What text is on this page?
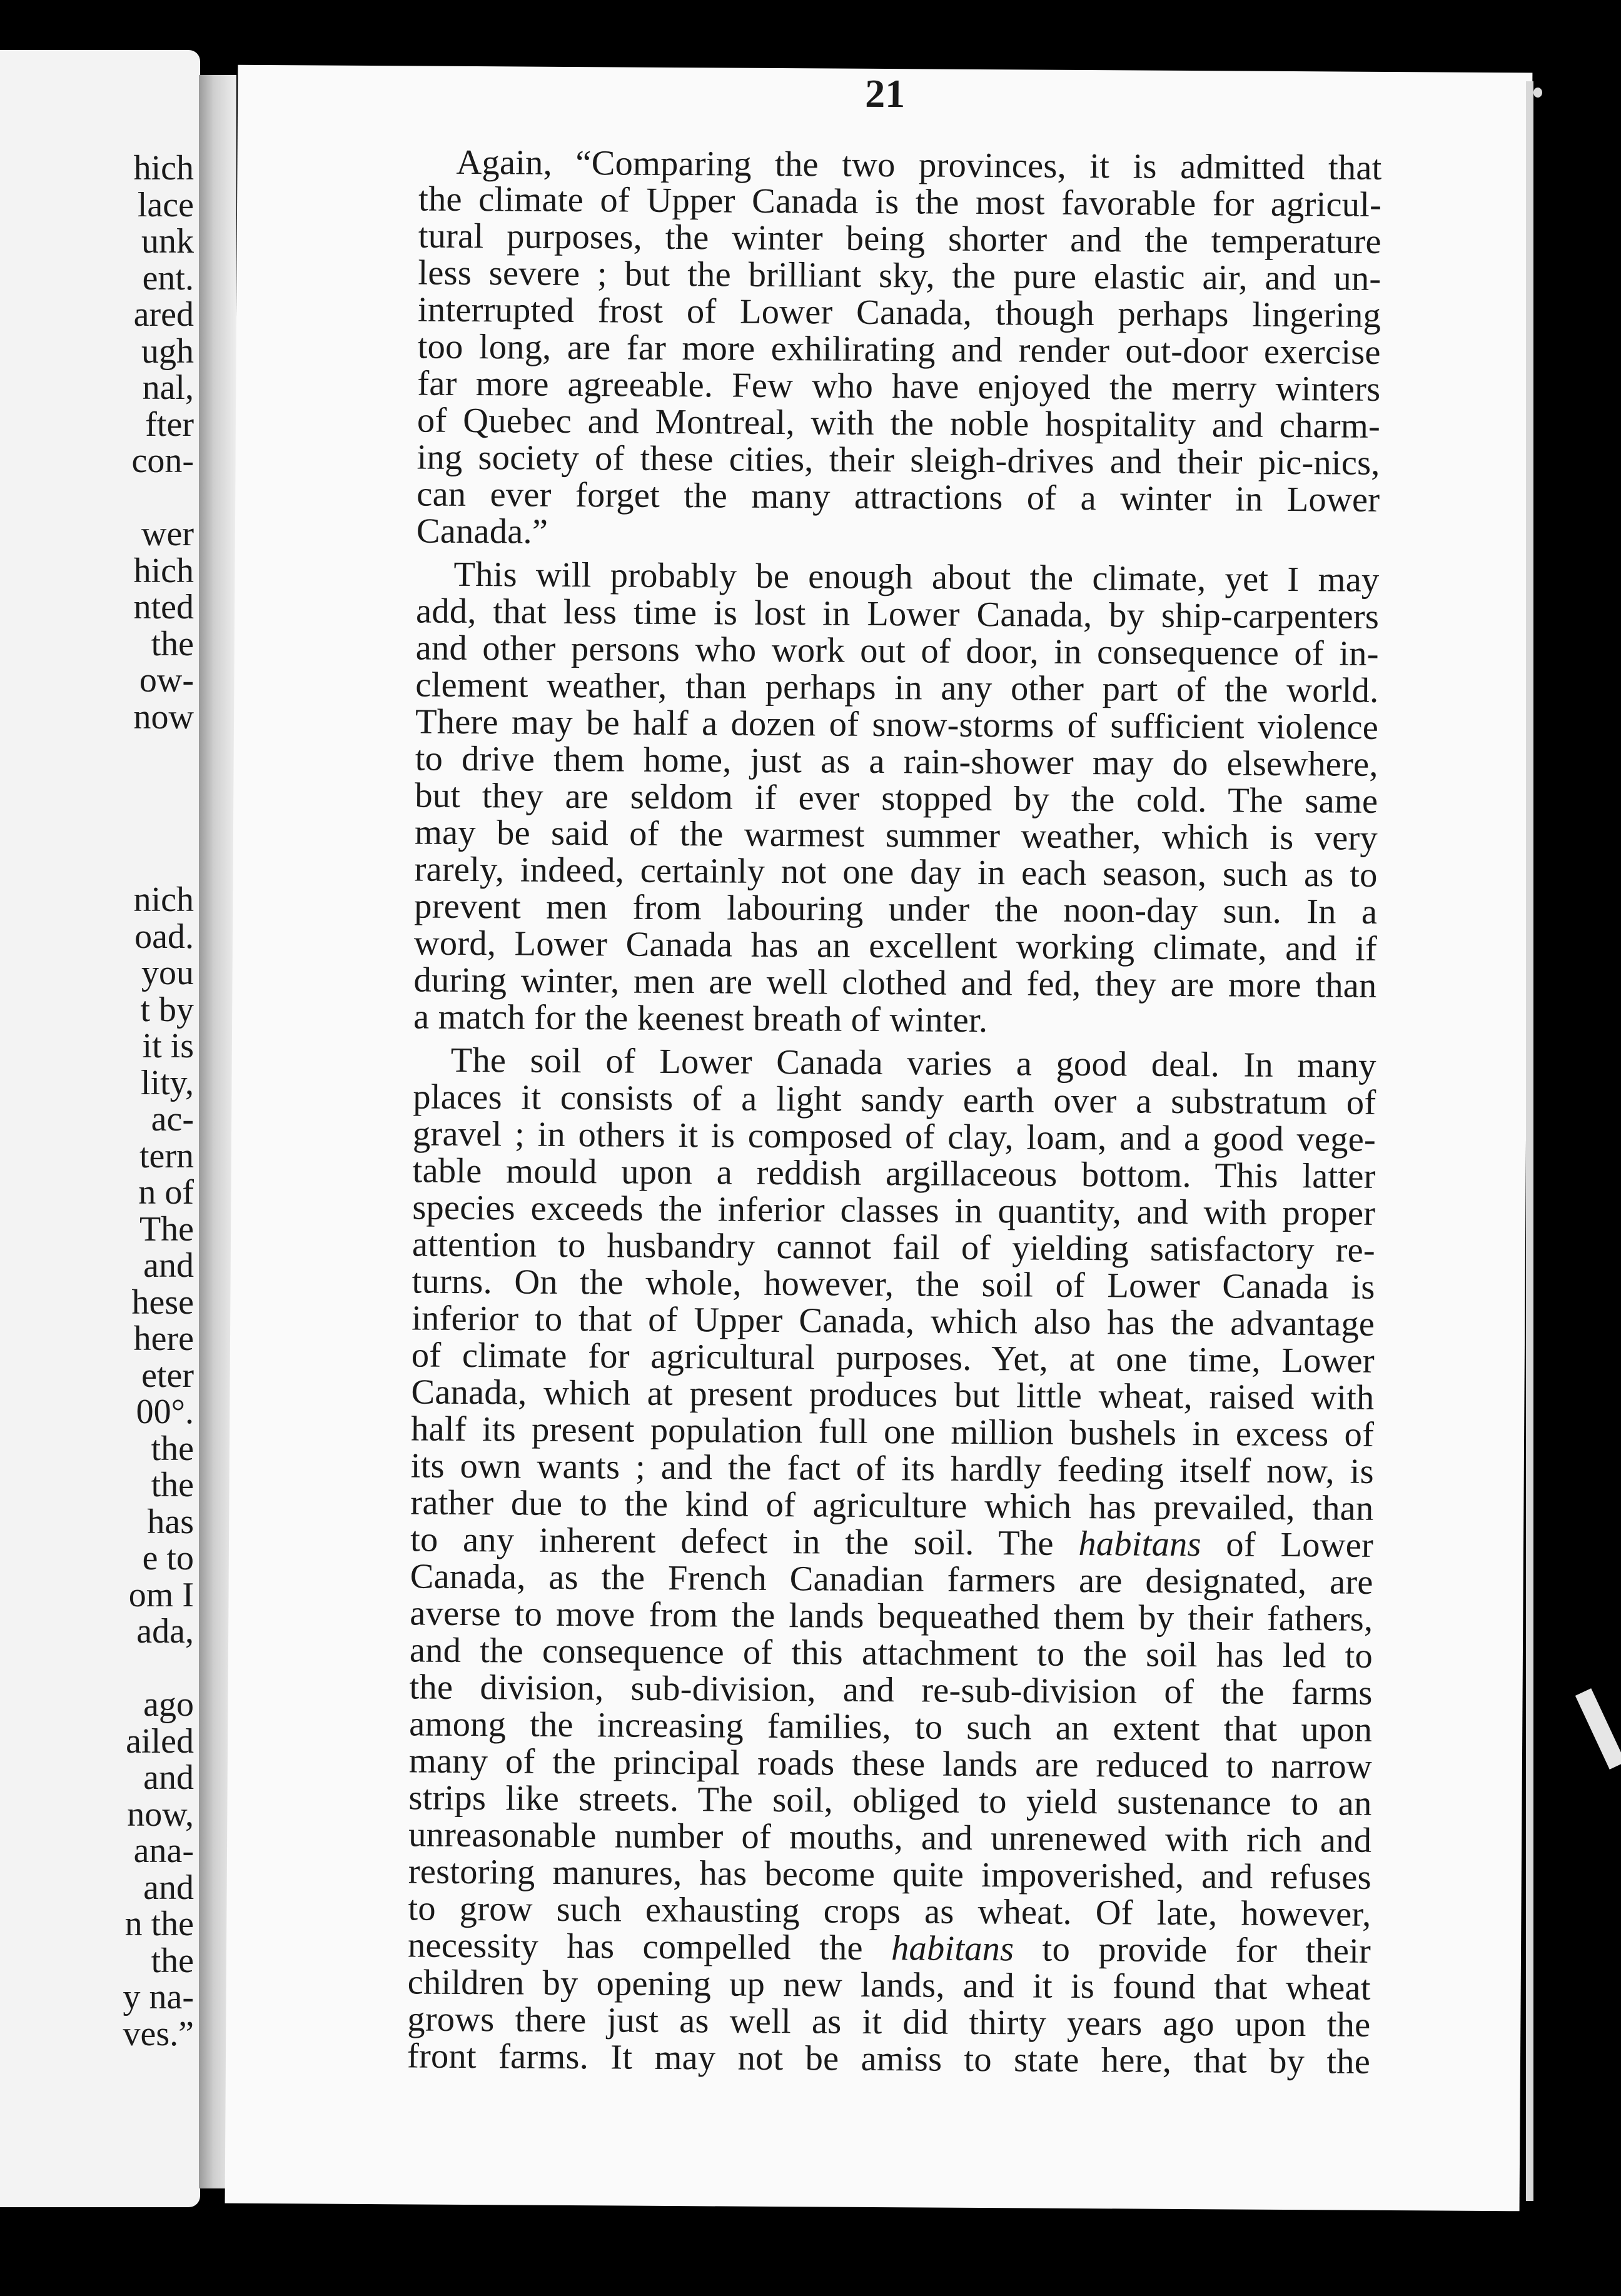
hich
lace
unk
ent.
ared
ugh
nal,
fter
con-
wer
hich
nted
the
ow-
now
nich
oad.
you
t by
it is
lity,
ac-
tern
n of
The
and
hese
here
eter
00°.
the
the
has
e to
om I
ada,
ago
ailed
and
now,
ana-
and
n the
the
y na-
ves.”
21

Again, “Comparing the two provinces, it is admitted that
the climate of Upper Canada is the most favorable for agricul-
tural purposes, the winter being shorter and the temperature
less severe ; but the brilliant sky, the pure elastic air, and un-
interrupted frost of Lower Canada, though perhaps lingering
too long, are far more exhilirating and render out-door exercise
far more agreeable. Few who have enjoyed the merry winters
of Quebec and Montreal, with the noble hospitality and charm-
ing society of these cities, their sleigh-drives and their pic-nics,
can ever forget the many attractions of a winter in Lower
Canada.”

This will probably be enough about the climate, yet I may
add, that less time is lost in Lower Canada, by ship-carpenters
and other persons who work out of door, in consequence of in-
clement weather, than perhaps in any other part of the world.
There may be half a dozen of snow-storms of sufficient violence
to drive them home, just as a rain-shower may do elsewhere,
but they are seldom if ever stopped by the cold. The same
may be said of the warmest summer weather, which is very
rarely, indeed, certainly not one day in each season, such as to
prevent men from labouring under the noon-day sun. In a
word, Lower Canada has an excellent working climate, and if
during winter, men are well clothed and fed, they are more than
a match for the keenest breath of winter.

The soil of Lower Canada varies a good deal. In many
places it consists of a light sandy earth over a substratum of
gravel ; in others it is composed of clay, loam, and a good vege-
table mould upon a reddish argillaceous bottom. This latter
species exceeds the inferior classes in quantity, and with proper
attention to husbandry cannot fail of yielding satisfactory re-
turns. On the whole, however, the soil of Lower Canada is
inferior to that of Upper Canada, which also has the advantage
of climate for agricultural purposes. Yet, at one time, Lower
Canada, which at present produces but little wheat, raised with
half its present population full one million bushels in excess of
its own wants ; and the fact of its hardly feeding itself now, is
rather due to the kind of agriculture which has prevailed, than
to any inherent defect in the soil. The habitans of Lower
Canada, as the French Canadian farmers are designated, are
averse to move from the lands bequeathed them by their fathers,
and the consequence of this attachment to the soil has led to
the division, sub-division, and re-sub-division of the farms
among the increasing families, to such an extent that upon
many of the principal roads these lands are reduced to narrow
strips like streets. The soil, obliged to yield sustenance to an
unreasonable number of mouths, and unrenewed with rich and
restoring manures, has become quite impoverished, and refuses
to grow such exhausting crops as wheat. Of late, however,
necessity has compelled the habitans to provide for their
children by opening up new lands, and it is found that wheat
grows there just as well as it did thirty years ago upon the
front farms. It may not be amiss to state here, that by the
